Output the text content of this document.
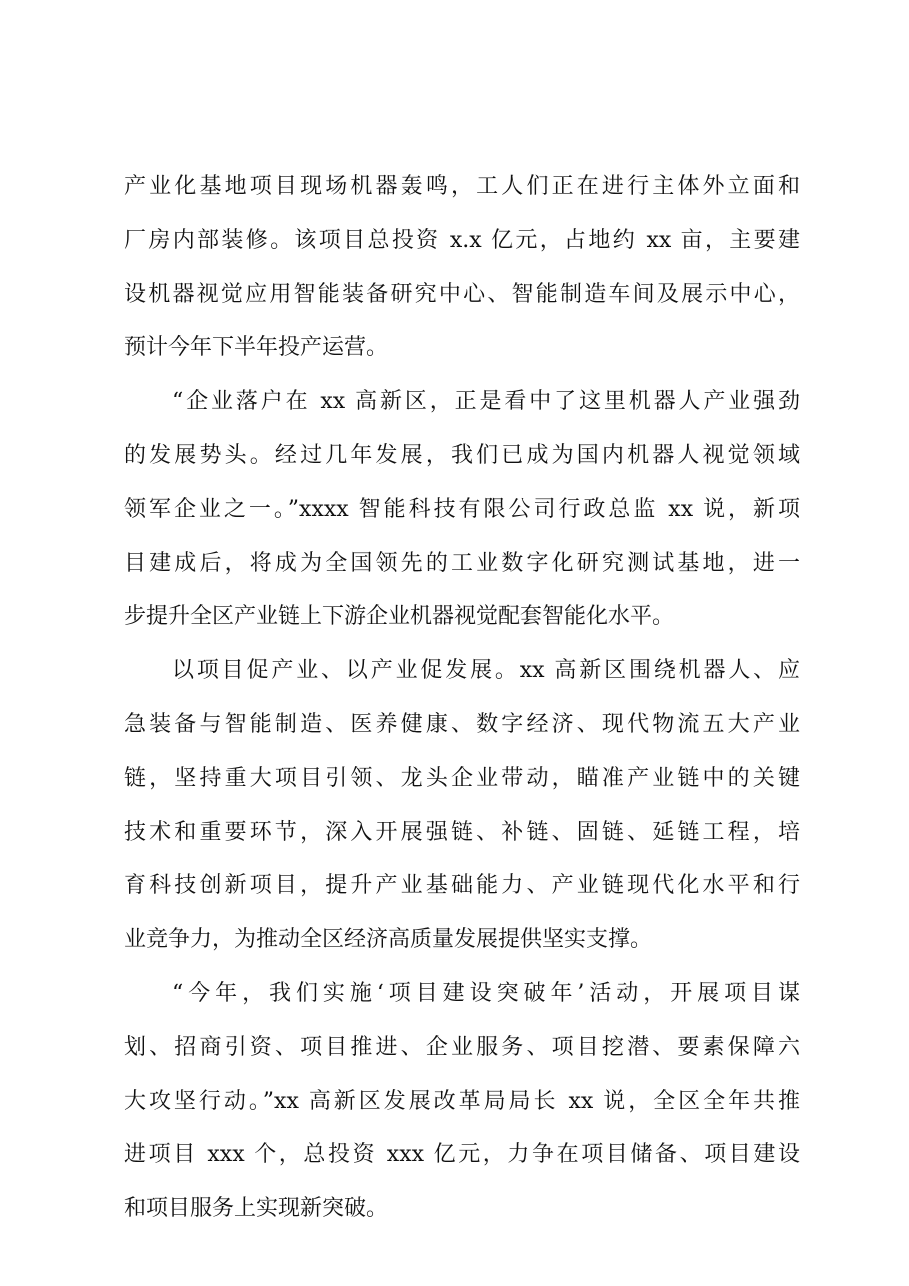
产业化基地项目现场机器轰鸣，工人们正在进行主体外立面和
厂房内部装修。该项目总投资 x.x 亿元，占地约 xx 亩，主要建
设机器视觉应用智能装备研究中心、智能制造车间及展示中心，
预计今年下半年投产运营。
“企业落户在 xx 高新区，正是看中了这里机器人产业强劲
的发展势头。经过几年发展，我们已成为国内机器人视觉领域
领军企业之一。”xxxx 智能科技有限公司行政总监 xx 说，新项
目建成后，将成为全国领先的工业数字化研究测试基地，进一
步提升全区产业链上下游企业机器视觉配套智能化水平。
以项目促产业、以产业促发展。xx 高新区围绕机器人、应
急装备与智能制造、医养健康、数字经济、现代物流五大产业
链，坚持重大项目引领、龙头企业带动，瞄准产业链中的关键
技术和重要环节，深入开展强链、补链、固链、延链工程，培
育科技创新项目，提升产业基础能力、产业链现代化水平和行
业竞争力，为推动全区经济高质量发展提供坚实支撑。
“今年，我们实施‘项目建设突破年’活动，开展项目谋
划、招商引资、项目推进、企业服务、项目挖潜、要素保障六
大攻坚行动。”xx 高新区发展改革局局长 xx 说，全区全年共推
进项目 xxx 个，总投资 xxx 亿元，力争在项目储备、项目建设
和项目服务上实现新突破。
